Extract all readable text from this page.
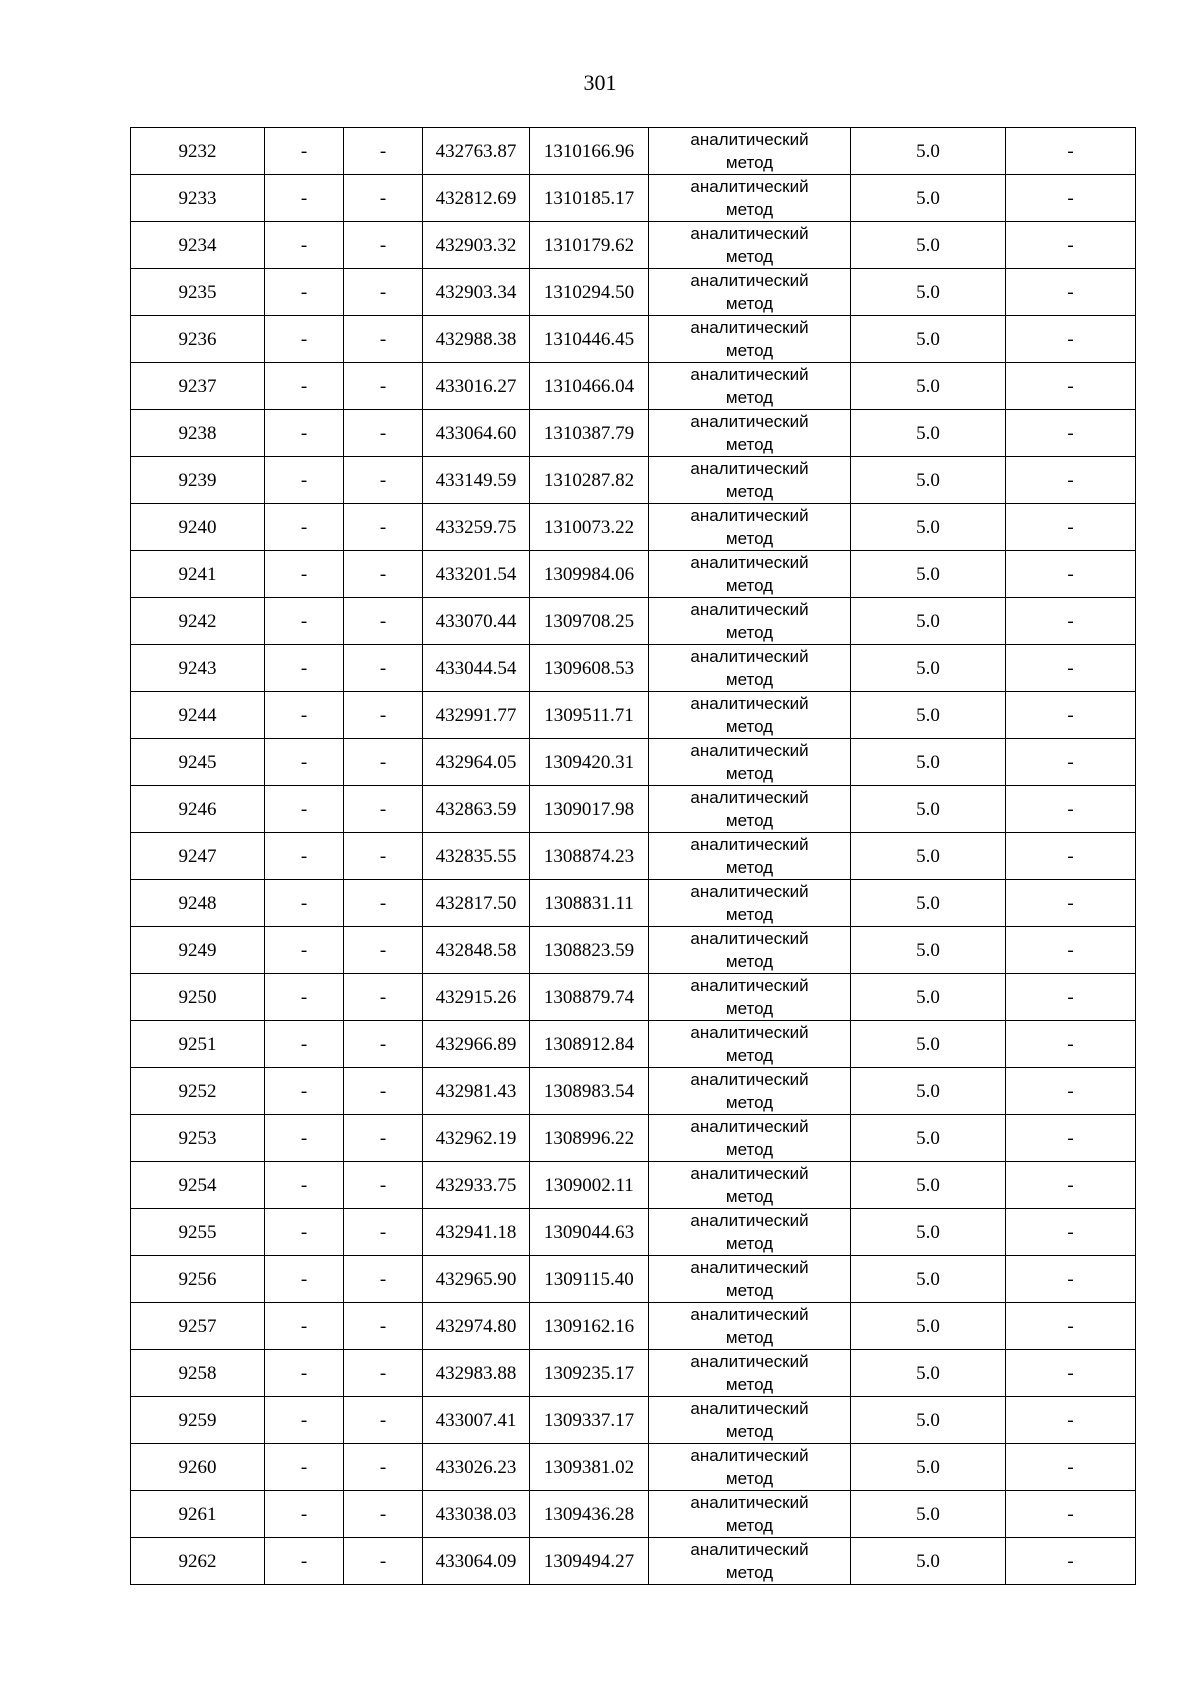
301
9232	-	-	432763.87	1310166.96	аналитический
метод	5.0	-
9233	-	-	432812.69	1310185.17	аналитический
метод	5.0	-
9234	-	-	432903.32	1310179.62	аналитический
метод	5.0	-
9235	-	-	432903.34	1310294.50	аналитический
метод	5.0	-
9236	-	-	432988.38	1310446.45	аналитический
метод	5.0	-
9237	-	-	433016.27	1310466.04	аналитический
метод	5.0	-
9238	-	-	433064.60	1310387.79	аналитический
метод	5.0	-
9239	-	-	433149.59	1310287.82	аналитический
метод	5.0	-
9240	-	-	433259.75	1310073.22	аналитический
метод	5.0	-
9241	-	-	433201.54	1309984.06	аналитический
метод	5.0	-
9242	-	-	433070.44	1309708.25	аналитический
метод	5.0	-
9243	-	-	433044.54	1309608.53	аналитический
метод	5.0	-
9244	-	-	432991.77	1309511.71	аналитический
метод	5.0	-
9245	-	-	432964.05	1309420.31	аналитический
метод	5.0	-
9246	-	-	432863.59	1309017.98	аналитический
метод	5.0	-
9247	-	-	432835.55	1308874.23	аналитический
метод	5.0	-
9248	-	-	432817.50	1308831.11	аналитический
метод	5.0	-
9249	-	-	432848.58	1308823.59	аналитический
метод	5.0	-
9250	-	-	432915.26	1308879.74	аналитический
метод	5.0	-
9251	-	-	432966.89	1308912.84	аналитический
метод	5.0	-
9252	-	-	432981.43	1308983.54	аналитический
метод	5.0	-
9253	-	-	432962.19	1308996.22	аналитический
метод	5.0	-
9254	-	-	432933.75	1309002.11	аналитический
метод	5.0	-
9255	-	-	432941.18	1309044.63	аналитический
метод	5.0	-
9256	-	-	432965.90	1309115.40	аналитический
метод	5.0	-
9257	-	-	432974.80	1309162.16	аналитический
метод	5.0	-
9258	-	-	432983.88	1309235.17	аналитический
метод	5.0	-
9259	-	-	433007.41	1309337.17	аналитический
метод	5.0	-
9260	-	-	433026.23	1309381.02	аналитический
метод	5.0	-
9261	-	-	433038.03	1309436.28	аналитический
метод	5.0	-
9262	-	-	433064.09	1309494.27	аналитический
метод	5.0	-
